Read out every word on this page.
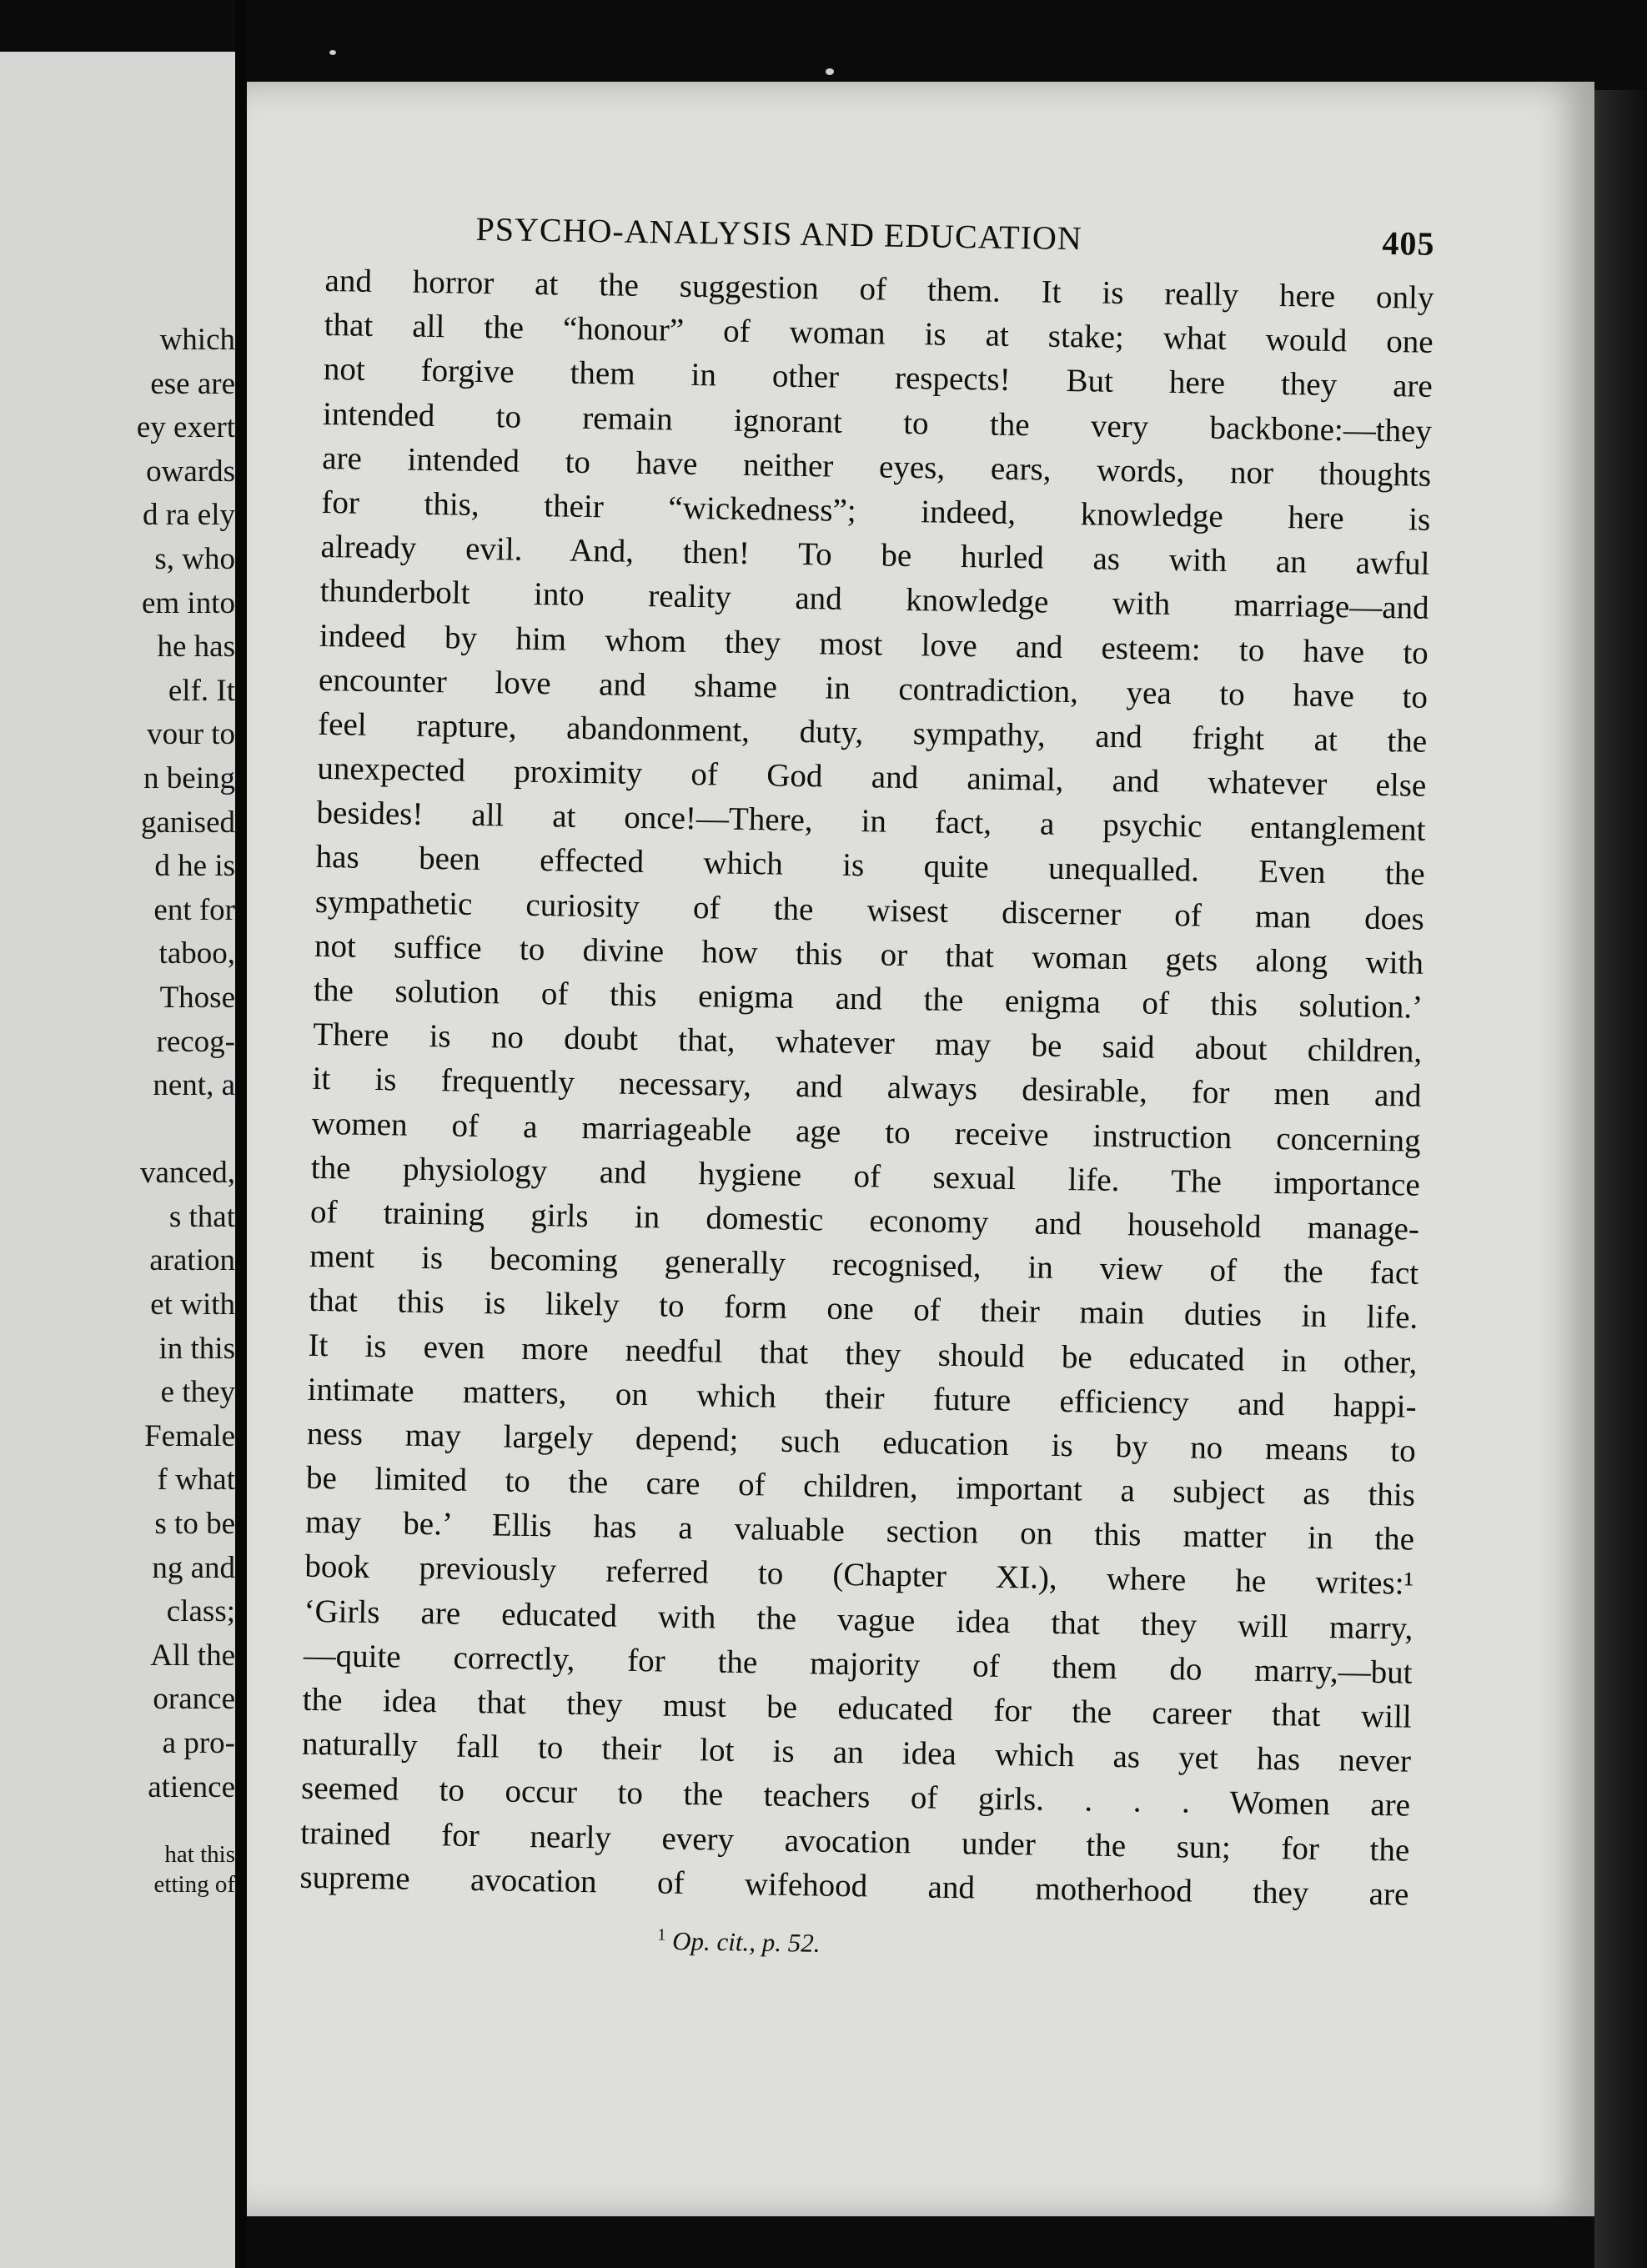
which
ese are
ey exert
owards
d ra ely
s, who
em into
he has
elf. It
vour to
n being
ganised
d he is
ent for
taboo,
Those
recog-
nent, a
vanced,
s that
aration
et with
in this
e they
Female
f what
s to be
ng and
class;
All the
orance
a pro-
atience
hat this
etting of
PSYCHO-ANALYSIS AND EDUCATION	405
and horror at the suggestion of them. It is really here only
that all the “honour” of woman is at stake; what would one
not forgive them in other respects! But here they are
intended to remain ignorant to the very backbone:—they
are intended to have neither eyes, ears, words, nor thoughts
for this, their “wickedness”; indeed, knowledge here is
already evil. And, then! To be hurled as with an awful
thunderbolt into reality and knowledge with marriage—and
indeed by him whom they most love and esteem: to have to
encounter love and shame in contradiction, yea to have to
feel rapture, abandonment, duty, sympathy, and fright at the
unexpected proximity of God and animal, and whatever else
besides! all at once!—There, in fact, a psychic entanglement
has been effected which is quite unequalled. Even the
sympathetic curiosity of the wisest discerner of man does
not suffice to divine how this or that woman gets along with
the solution of this enigma and the enigma of this solution.’
There is no doubt that, whatever may be said about children,
it is frequently necessary, and always desirable, for men and
women of a marriageable age to receive instruction concerning
the physiology and hygiene of sexual life. The importance
of training girls in domestic economy and household manage-
ment is becoming generally recognised, in view of the fact
that this is likely to form one of their main duties in life.
It is even more needful that they should be educated in other,
intimate matters, on which their future efficiency and happi-
ness may largely depend; such education is by no means to
be limited to the care of children, important a subject as this
may be.’ Ellis has a valuable section on this matter in the
book previously referred to (Chapter XI.), where he writes:¹
‘Girls are educated with the vague idea that they will marry,
—quite correctly, for the majority of them do marry,—but
the idea that they must be educated for the career that will
naturally fall to their lot is an idea which as yet has never
seemed to occur to the teachers of girls. . . . Women are
trained for nearly every avocation under the sun; for the
supreme avocation of wifehood and motherhood they are
$^1$ Op. cit., p. 52.
